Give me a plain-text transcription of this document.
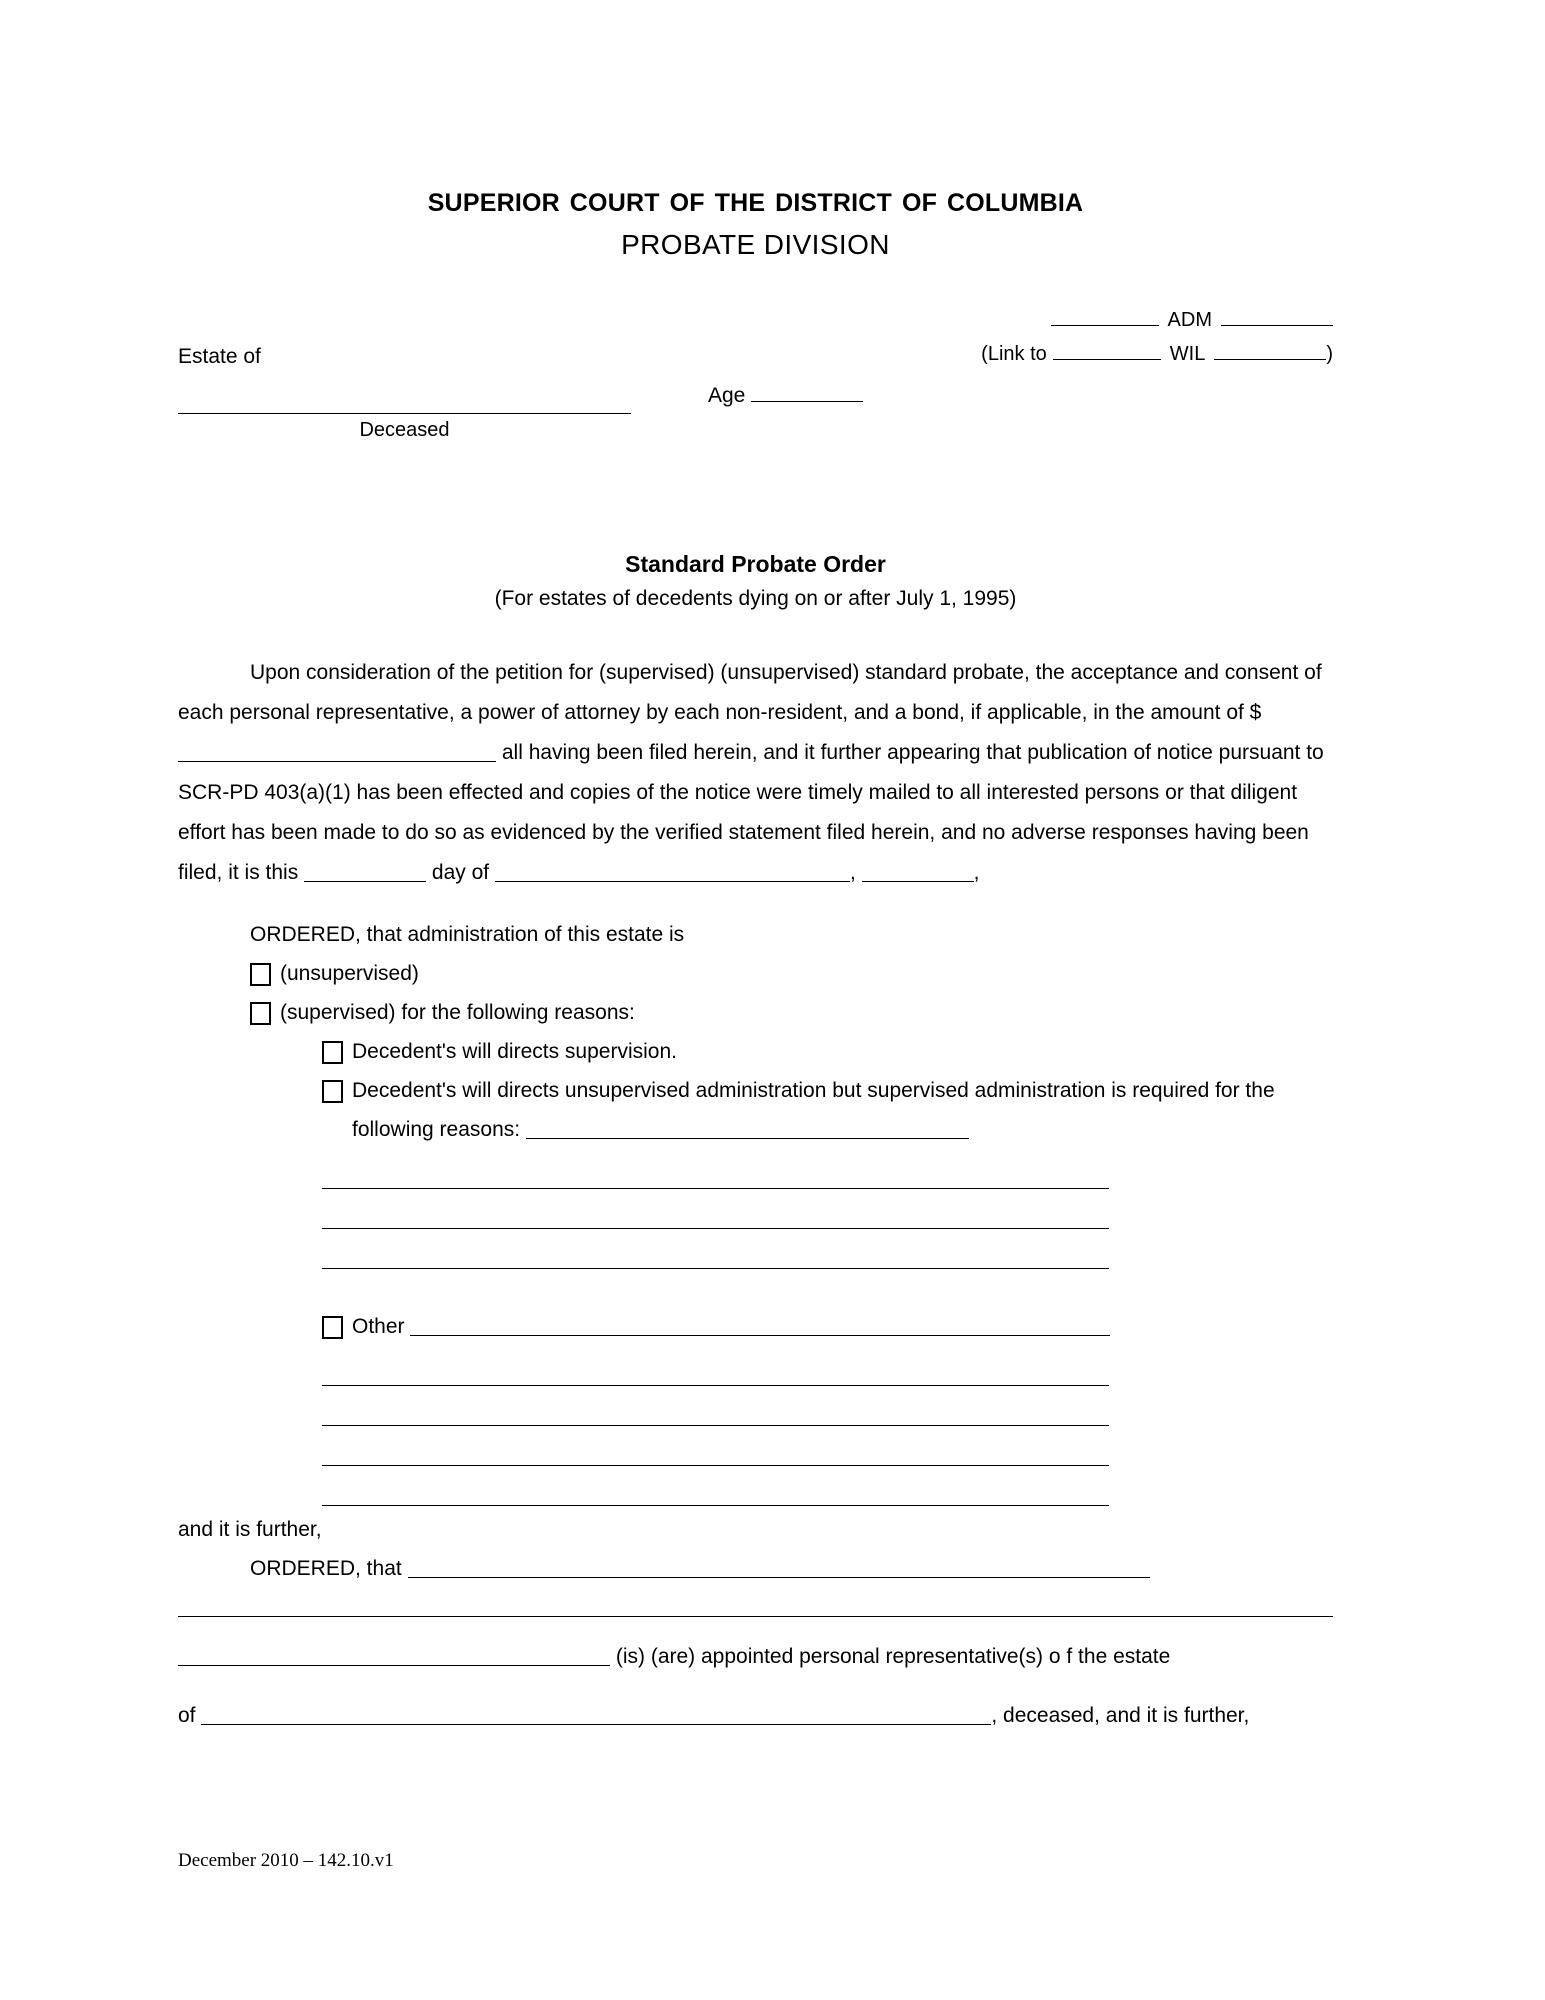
superior court of the district of columbia
PROBATE DIVISION
ADM
(Link to	WIL	)
Estate of
Deceased
Age
Standard Probate Order
(For estates of decedents dying on or after July 1, 1995)
Upon consideration of the petition for (supervised) (unsupervised) standard probate, the acceptance and consent of each personal representative, a power of attorney by each non-resident, and a bond, if applicable, in the amount of $  all having been filed herein, and it further appearing that publication of notice pursuant to SCR-PD 403(a)(1) has been effected and copies of the notice were timely mailed to all interested persons or that diligent effort has been made to do so as evidenced by the verified statement filed herein, and no adverse responses having been filed, it is this	day of	,	,
ORDERED, that administration of this estate is
(unsupervised)
(supervised) for the following reasons:
Decedent's will directs supervision.
Decedent's will directs unsupervised administration but supervised administration is required for the following reasons:
Other
and it is further,
ORDERED, that
(is) (are) appointed personal representative(s) o f the estate
of	, deceased, and it is further,
December 2010 – 142.10.v1
